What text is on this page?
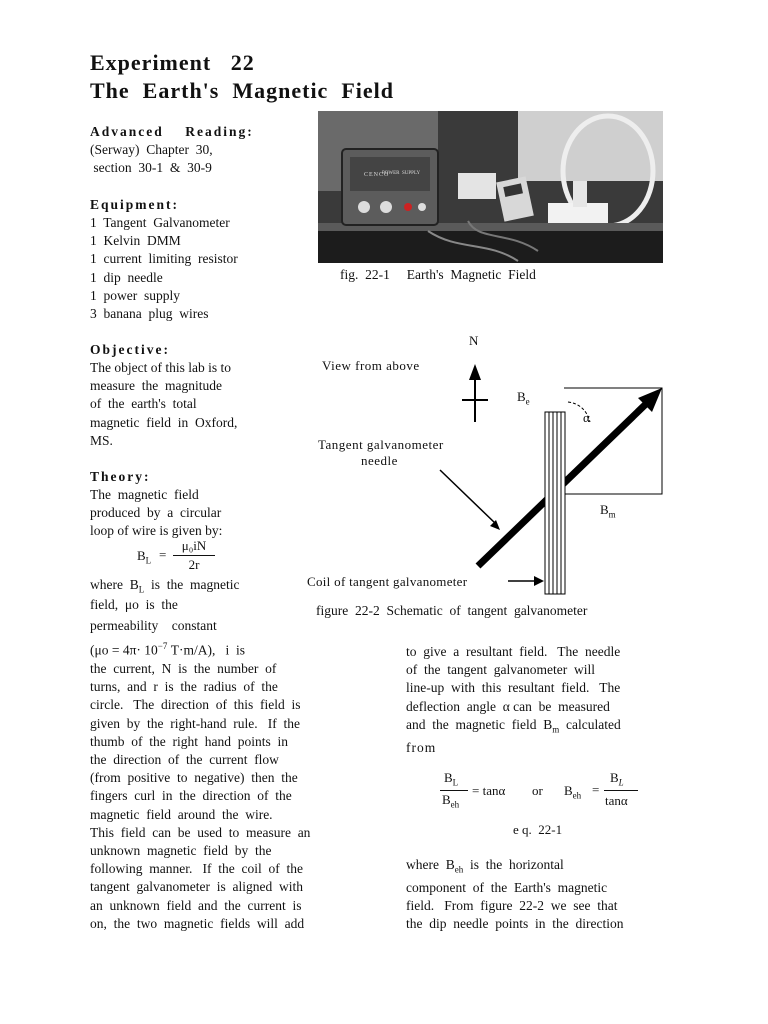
Experiment   22
The  Earth's  Magnetic  Field
Advanced    Reading:
(Serway)  Chapter  30,
section  30-1  &  30-9
Equipment:
1  Tangent  Galvanometer
1  Kelvin  DMM
1  current  limiting  resistor
1  dip  needle
1  power  supply
3  banana  plug  wires
Objective:
The object of this lab is to
measure  the  magnitude
of  the  earth's  total
magnetic  field  in  Oxford,
MS.
Theory:
The  magnetic  field
produced  by  a  circular
loop of wire is given by:
$B_L$ =
μ₀iN
2r
where  $B_L$  is  the  magnetic
field,  μo  is  the
permeability    constant
($\mu o = 4\pi\cdot 10^{-7}$ T·m/A),   i  is
the  current,  N  is  the  number  of
turns,  and  r  is  the  radius  of  the
circle.   The  direction  of  this  field  is
given  by  the  right-hand  rule.   If  the
thumb  of  the  right  hand  points  in
the  direction  of  the  current  flow
(from  positive  to  negative)  then  the
fingers  curl  in  the  direction  of  the
magnetic  field  around  the  wire.
This  field  can  be  used  to  measure  an
unknown  magnetic  field  by  the
following  manner.   If  the  coil  of  the
tangent  galvanometer  is  aligned  with
an  unknown  field  and  the  current  is
on,  the  two  magnetic  fields  will  add
CENCO
POWER  SUPPLY
fig.  22-1     Earth's  Magnetic  Field
N
View from above
$B_e$
α
Tangent galvanometer
needle
$B_m$
Coil of tangent galvanometer
figure  22-2  Schematic  of  tangent  galvanometer
to  give  a  resultant  field.   The  needle
of  the  tangent  galvanometer  will
line-up  with  this  resultant  field.   The
deflection  angle  α can  be  measured
and  the  magnetic  field  $B_m$  calculated
from
$B_L$
$B_{eh}$
= tanα or $B_{eh}$ =
$B_L$
tanα
e q.  22-1
where  $B_{eh}$  is  the  horizontal
component  of  the  Earth's  magnetic
field.   From  figure  22-2  we  see  that
the  dip  needle  points  in  the  direction
